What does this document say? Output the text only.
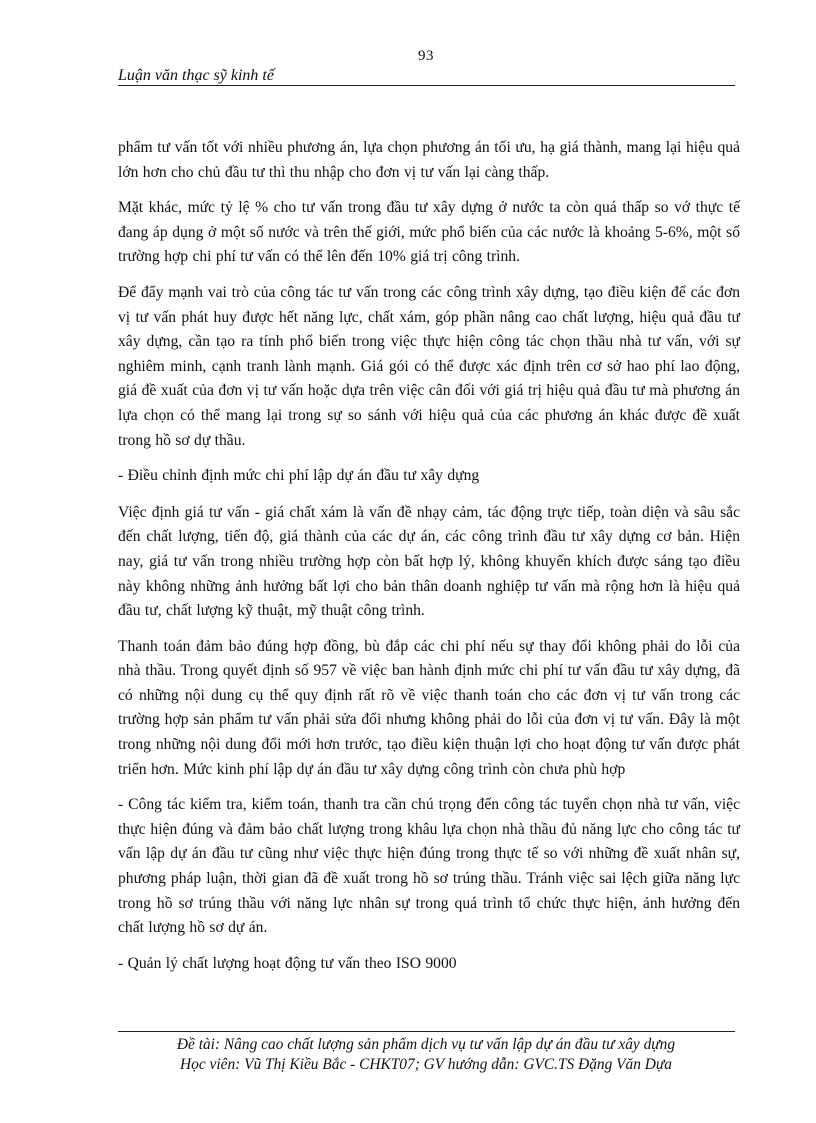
93
Luận văn thạc sỹ kinh tế

phẩm tư vấn tốt với nhiều phương án, lựa chọn phương án tối ưu, hạ giá thành, mang lại hiệu quả lớn hơn cho chủ đầu tư thì thu nhập cho đơn vị tư vấn lại càng thấp.

Mặt khác, mức tỷ lệ % cho tư vấn trong đầu tư xây dựng ở nước ta còn quá thấp so vớ thực tế đang áp dụng ở một số nước và trên thế giới, mức phổ biến của các nước là khoảng 5-6%, một số trường hợp chi phí tư vấn có thể lên đến 10% giá trị công trình.

Để đẩy mạnh vai trò của công tác tư vấn trong các công trình xây dựng, tạo điều kiện để các đơn vị tư vấn phát huy được hết năng lực, chất xám, góp phần nâng cao chất lượng, hiệu quả đầu tư xây dựng, cần tạo ra tính phổ biến trong việc thực hiện công tác chọn thầu nhà tư vấn, với sự nghiêm minh, cạnh tranh lành mạnh. Giá gói có thể được xác định trên cơ sở hao phí lao động, giá đề xuất của đơn vị tư vấn hoặc dựa trên việc cân đối với giá trị hiệu quả đầu tư mà phương án lựa chọn có thể mang lại trong sự so sánh với hiệu quả của các phương án khác được đề xuất trong hồ sơ dự thầu.

- Điều chỉnh định mức chi phí lập dự án đầu tư xây dựng

Việc định giá tư vấn - giá chất xám là vấn đề nhạy cảm, tác động trực tiếp, toàn diện và sâu sắc đến chất lượng, tiến độ, giá thành của các dự án, các công trình đầu tư xây dựng cơ bản. Hiện nay, giá tư vấn trong nhiều trường hợp còn bất hợp lý, không khuyến khích được sáng tạo điều này không những ảnh hưởng bất lợi cho bản thân doanh nghiệp tư vấn mà rộng hơn là hiệu quả đầu tư, chất lượng kỹ thuật, mỹ thuật công trình.

Thanh toán đảm bảo đúng hợp đồng, bù đắp các chi phí nếu sự thay đổi không phải do lỗi của nhà thầu. Trong quyết định số 957 về việc ban hành định mức chi phí tư vấn đầu tư xây dựng, đã có những nội dung cụ thể quy định rất rõ về việc thanh toán cho các đơn vị tư vấn trong các trường hợp sản phẩm tư vấn phải sửa đổi nhưng không phải do lỗi của đơn vị tư vấn. Đây là một trong những nội dung đổi mới hơn trước, tạo điều kiện thuận lợi cho hoạt động tư vấn được phát triển hơn. Mức kinh phí lập dự án đầu tư xây dựng công trình còn chưa phù hợp

- Công tác kiểm tra, kiểm toán, thanh tra cần chú trọng đến công tác tuyển chọn nhà tư vấn, việc thực hiện đúng và đảm bảo chất lượng trong khâu lựa chọn nhà thầu đủ năng lực cho công tác tư vấn lập dự án đầu tư cũng như việc thực hiện đúng trong thực tế so với những đề xuất nhân sự, phương pháp luận, thời gian đã đề xuất trong hồ sơ trúng thầu. Tránh việc sai lệch giữa năng lực trong hồ sơ trúng thầu với năng lực nhân sự trong quá trình tổ chức thực hiện, ảnh hưởng đến chất lượng hồ sơ dự án.

- Quản lý chất lượng hoạt động tư vấn theo ISO 9000

Đề tài: Nâng cao chất lượng sản phẩm dịch vụ tư vấn lập dự án đầu tư xây dựng
Học viên: Vũ Thị Kiều Bắc - CHKT07; GV hướng dẫn: GVC.TS Đặng Văn Dựa
